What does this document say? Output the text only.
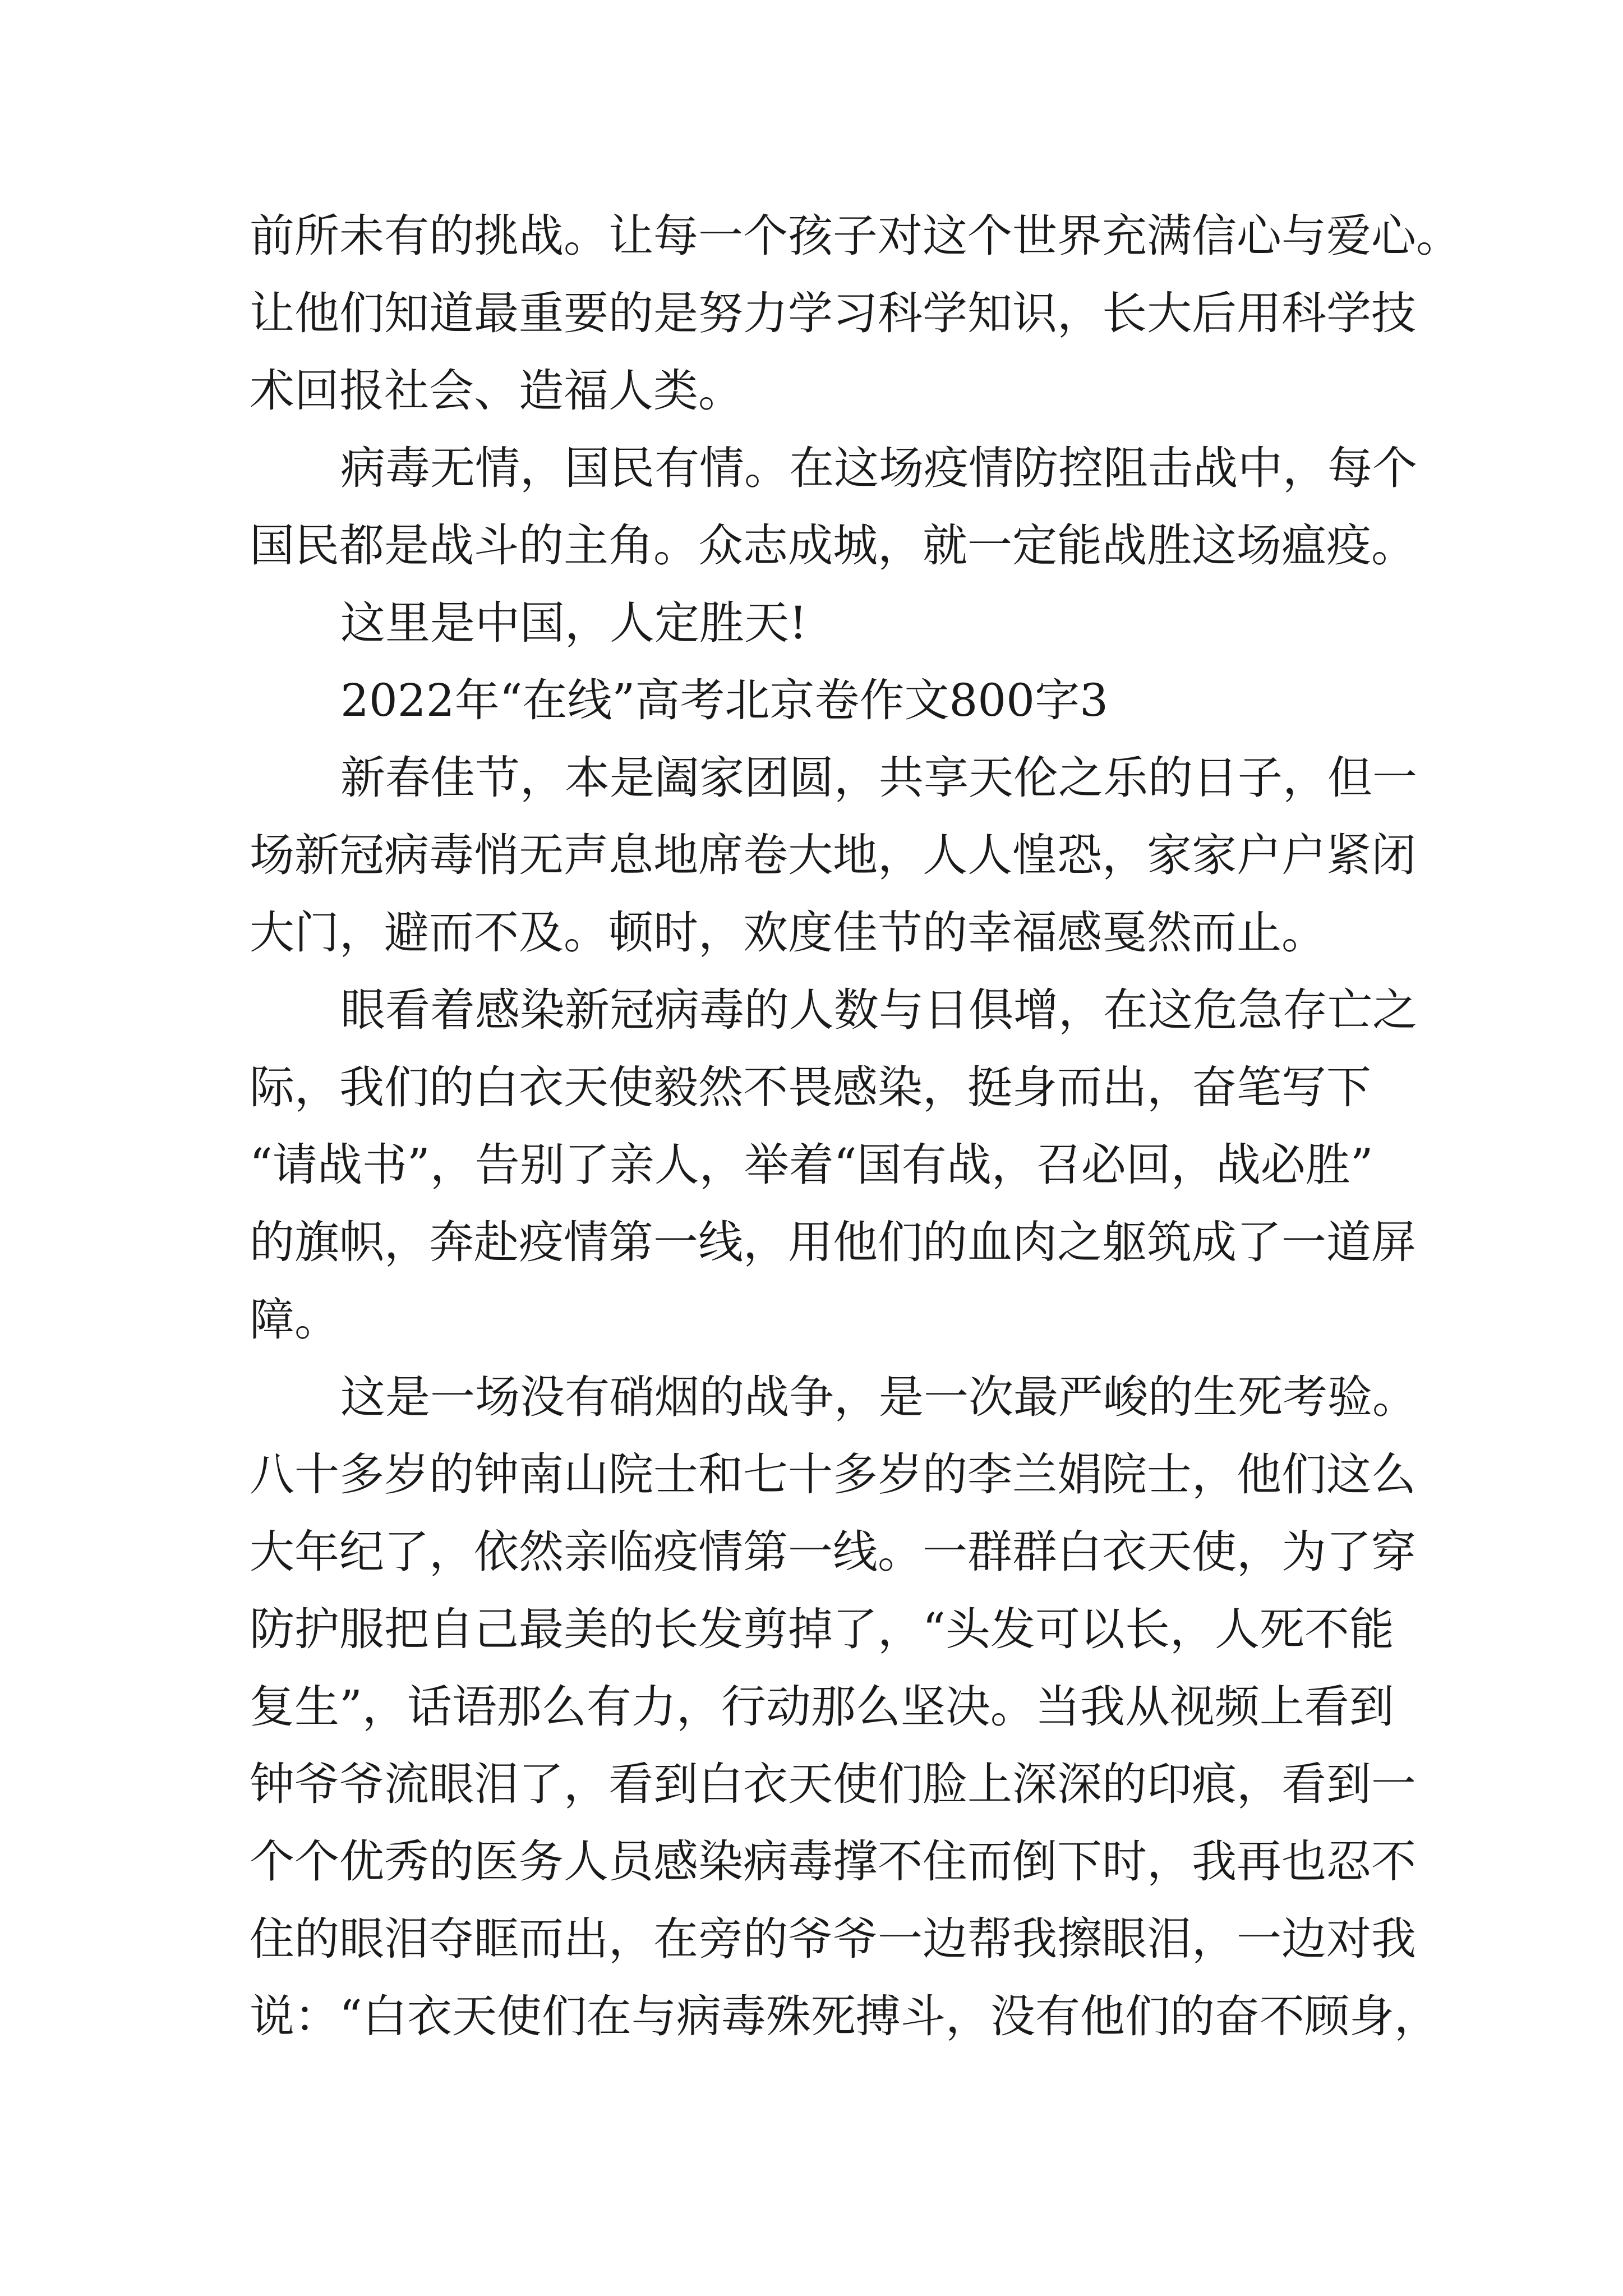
前所未有的挑战。让每一个孩子对这个世界充满信心与爱心。
让他们知道最重要的是努力学习科学知识，长大后用科学技
术回报社会、造福人类。
病毒无情，国民有情。在这场疫情防控阻击战中，每个
国民都是战斗的主角。众志成城，就一定能战胜这场瘟疫。
这里是中国，人定胜天!
2022年“在线”高考北京卷作文800字3
新春佳节，本是阖家团圆，共享天伦之乐的日子，但一
场新冠病毒悄无声息地席卷大地，人人惶恐，家家户户紧闭
大门，避而不及。顿时，欢度佳节的幸福感戛然而止。
眼看着感染新冠病毒的人数与日俱增，在这危急存亡之
际，我们的白衣天使毅然不畏感染，挺身而出，奋笔写下
“请战书”，告别了亲人，举着“国有战，召必回，战必胜”
的旗帜，奔赴疫情第一线，用他们的血肉之躯筑成了一道屏
障。
这是一场没有硝烟的战争，是一次最严峻的生死考验。
八十多岁的钟南山院士和七十多岁的李兰娟院士，他们这么
大年纪了，依然亲临疫情第一线。一群群白衣天使，为了穿
防护服把自己最美的长发剪掉了，“头发可以长，人死不能
复生”，话语那么有力，行动那么坚决。当我从视频上看到
钟爷爷流眼泪了，看到白衣天使们脸上深深的印痕，看到一
个个优秀的医务人员感染病毒撑不住而倒下时，我再也忍不
住的眼泪夺眶而出，在旁的爷爷一边帮我擦眼泪，一边对我
说：“白衣天使们在与病毒殊死搏斗，没有他们的奋不顾身，
